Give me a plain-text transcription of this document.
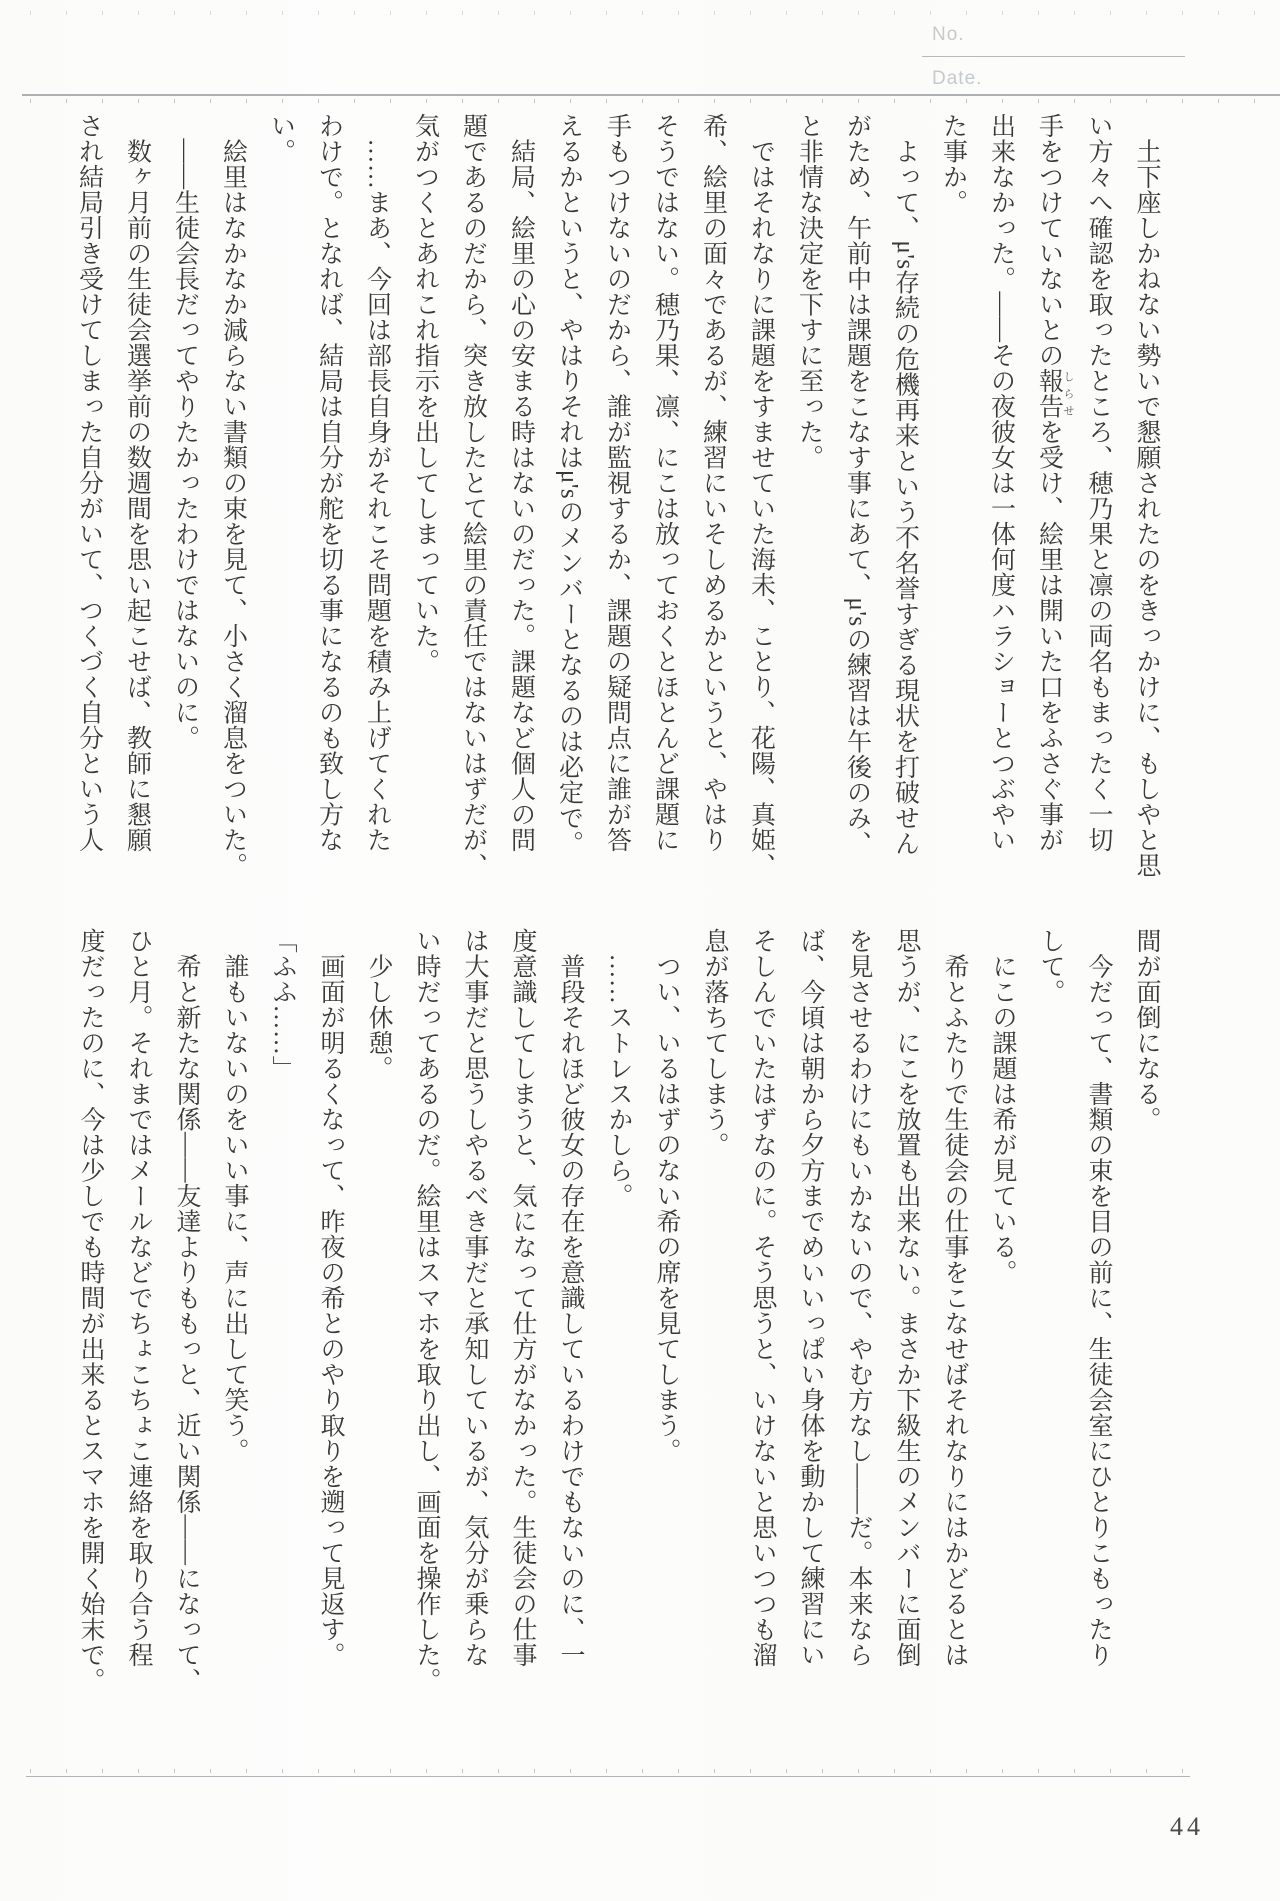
No.
Date.
　土下座しかねない勢いで懇願されたのをきっかけに、もしやと思
い方々へ確認を取ったところ、穂乃果と凛の両名もまったく一切
手をつけていないとの報告 しらせを受け、絵里は開いた口をふさぐ事が
出来なかった。――その夜彼女は一体何度ハラショーとつぶやい
た事か。
　よって、μ's存続の危機再来という不名誉すぎる現状を打破せん
がため、午前中は課題をこなす事にあて、μ'sの練習は午後のみ、
と非情な決定を下すに至った。
　ではそれなりに課題をすませていた海未、ことり、花陽、真姫、
希、絵里の面々であるが、練習にいそしめるかというと、やはり
そうではない。穂乃果、凛、にこは放っておくとほとんど課題に
手もつけないのだから、誰が監視するか、課題の疑問点に誰が答
えるかというと、やはりそれはμ'sのメンバーとなるのは必定で。
　結局、絵里の心の安まる時はないのだった。課題など個人の問
題であるのだから、突き放したとて絵里の責任ではないはずだが、
気がつくとあれこれ指示を出してしまっていた。
　……まあ、今回は部長自身がそれこそ問題を積み上げてくれた
わけで。となれば、結局は自分が舵を切る事になるのも致し方な
い。
　絵里はなかなか減らない書類の束を見て、小さく溜息をついた。
　――生徒会長だってやりたかったわけではないのに。
　数ヶ月前の生徒会選挙前の数週間を思い起こせば、教師に懇願
され結局引き受けてしまった自分がいて、つくづく自分という人
間が面倒になる。
　今だって、書類の束を目の前に、生徒会室にひとりこもったり
して。
　にこの課題は希が見ている。
　希とふたりで生徒会の仕事をこなせばそれなりにはかどるとは
思うが、にこを放置も出来ない。まさか下級生のメンバーに面倒
を見させるわけにもいかないので、やむ方なし――だ。本来なら
ば、今頃は朝から夕方までめいいっぱい身体を動かして練習にい
そしんでいたはずなのに。そう思うと、いけないと思いつつも溜
息が落ちてしまう。
　つい、いるはずのない希の席を見てしまう。
　……ストレスかしら。
　普段それほど彼女の存在を意識しているわけでもないのに、一
度意識してしまうと、気になって仕方がなかった。生徒会の仕事
は大事だと思うしやるべき事だと承知しているが、気分が乗らな
い時だってあるのだ。絵里はスマホを取り出し、画面を操作した。
　少し休憩。
　画面が明るくなって、昨夜の希とのやり取りを遡って見返す。
「ふふ……」
　誰もいないのをいい事に、声に出して笑う。
　希と新たな関係――友達よりももっと、近い関係――になって、
ひと月。それまではメールなどでちょこちょこ連絡を取り合う程
度だったのに、今は少しでも時間が出来るとスマホを開く始末で。
44
